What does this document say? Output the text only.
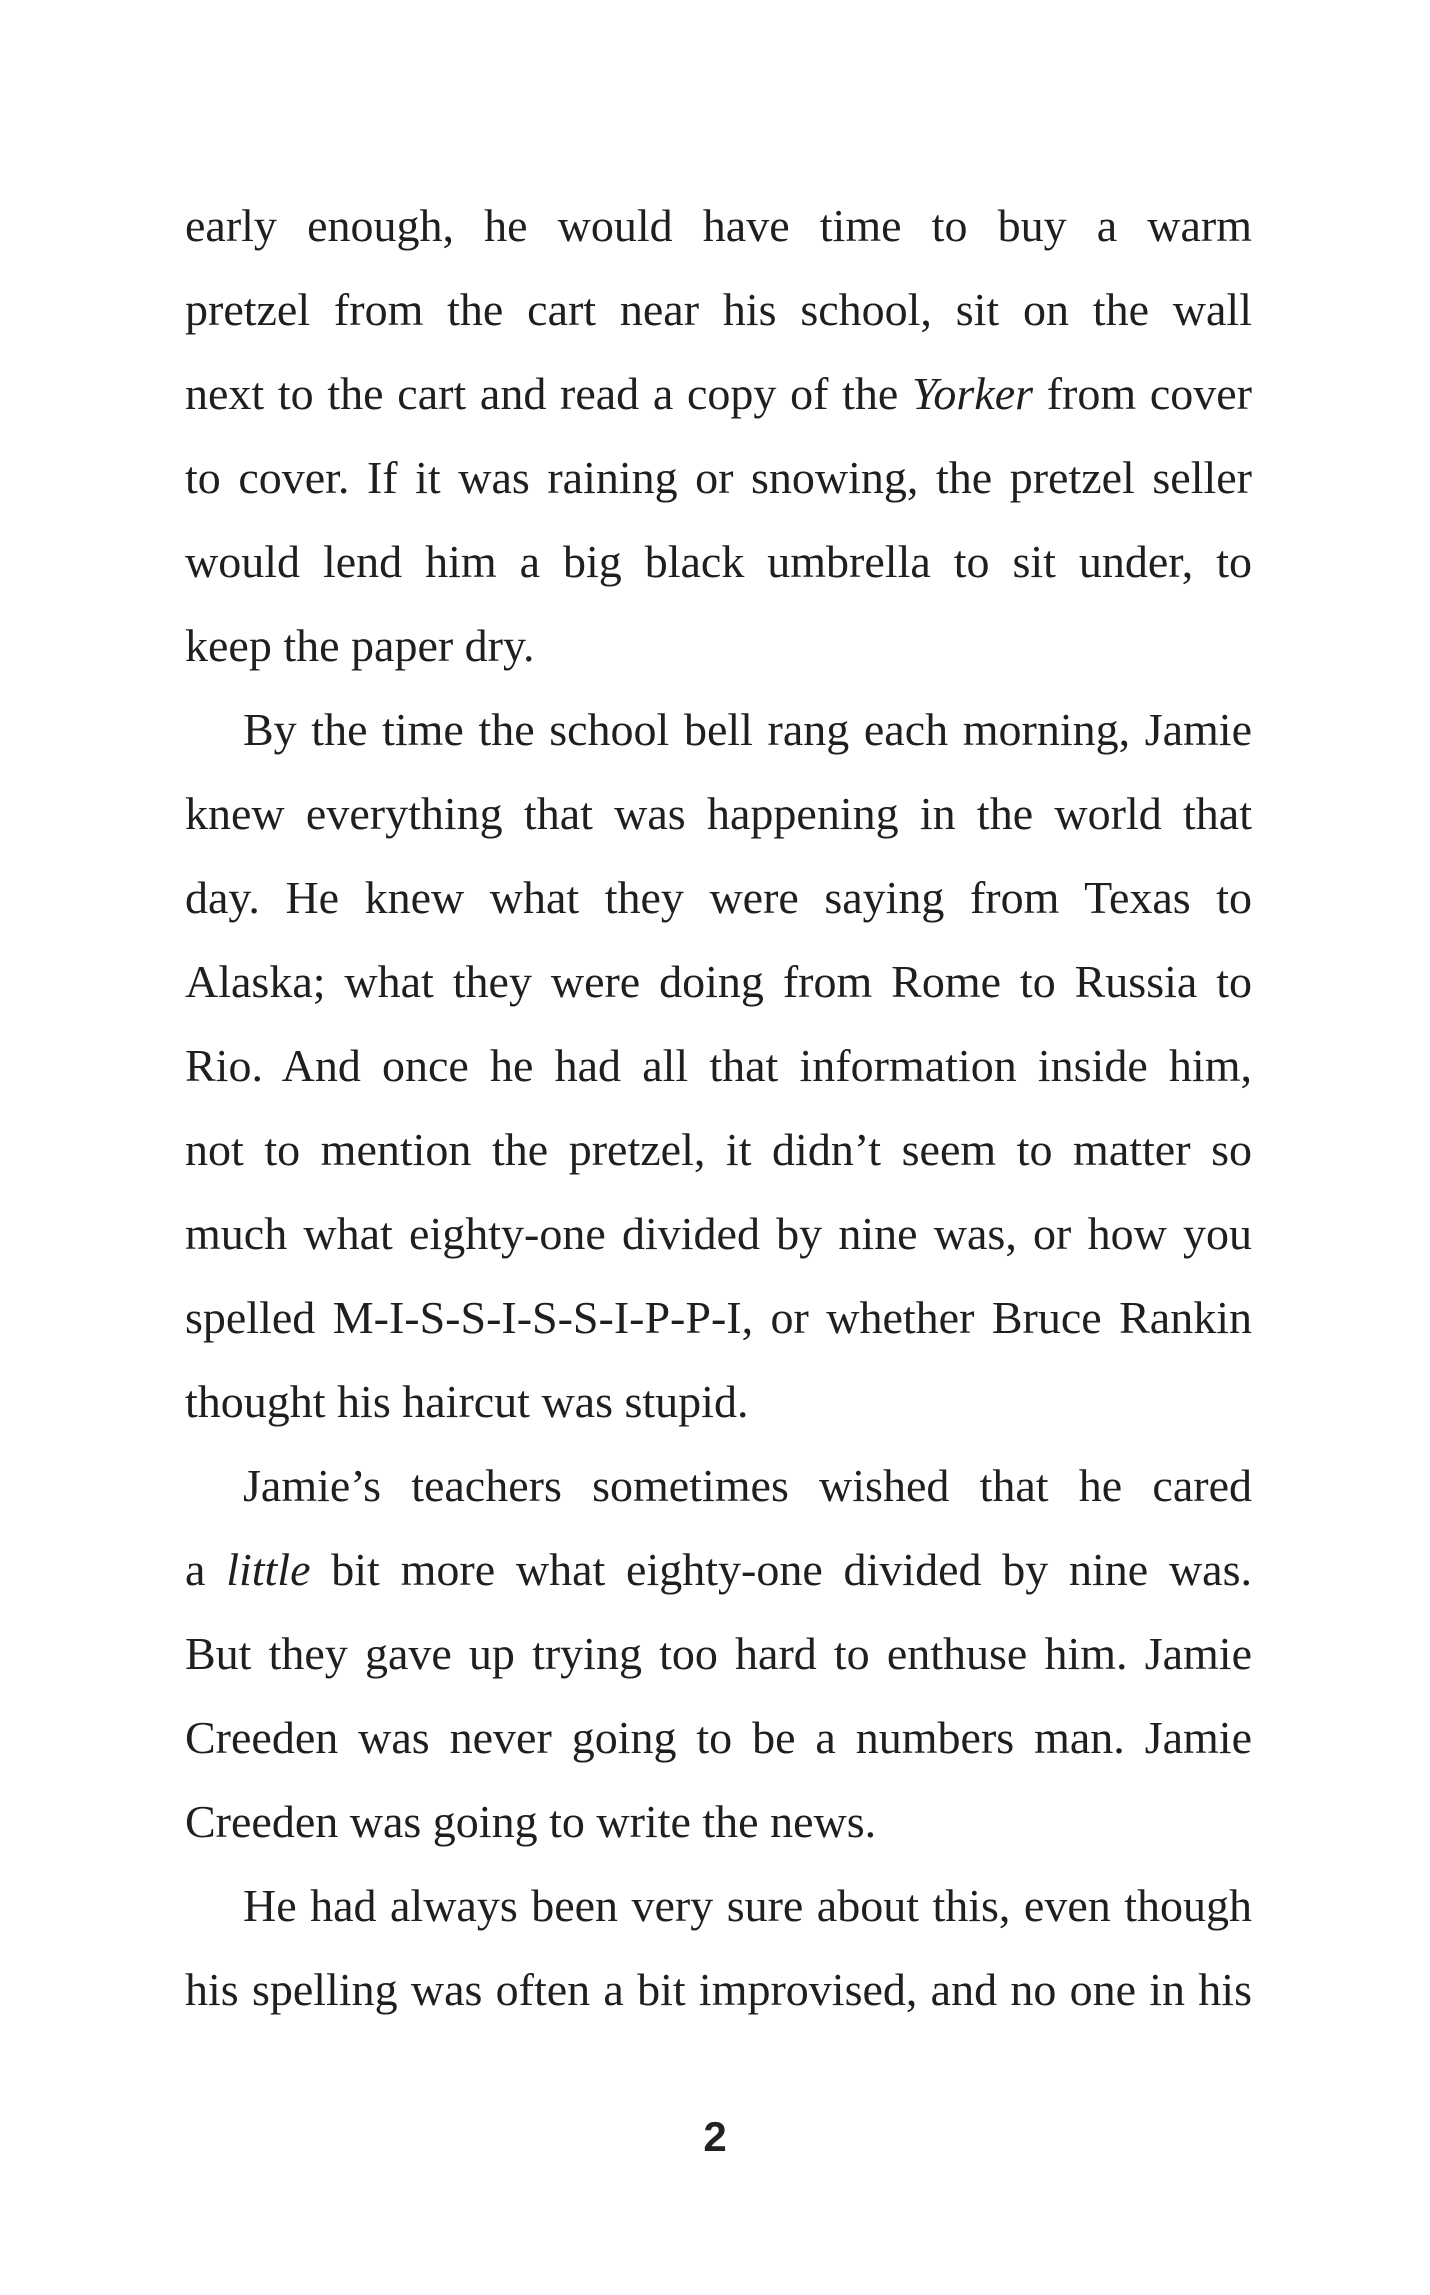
early enough, he would have time to buy a warm
pretzel from the cart near his school, sit on the wall
next to the cart and read a copy of the Yorker from cover
to cover. If it was raining or snowing, the pretzel seller
would lend him a big black umbrella to sit under, to
keep the paper dry.
By the time the school bell rang each morning, Jamie
knew everything that was happening in the world that
day. He knew what they were saying from Texas to
Alaska; what they were doing from Rome to Russia to
Rio. And once he had all that information inside him,
not to mention the pretzel, it didn’t seem to matter so
much what eighty-one divided by nine was, or how you
spelled M-I-S-S-I-S-S-I-P-P-I, or whether Bruce Rankin
thought his haircut was stupid.
Jamie’s teachers sometimes wished that he cared
a little bit more what eighty-one divided by nine was.
But they gave up trying too hard to enthuse him. Jamie
Creeden was never going to be a numbers man. Jamie
Creeden was going to write the news.
He had always been very sure about this, even though
his spelling was often a bit improvised, and no one in his
2
